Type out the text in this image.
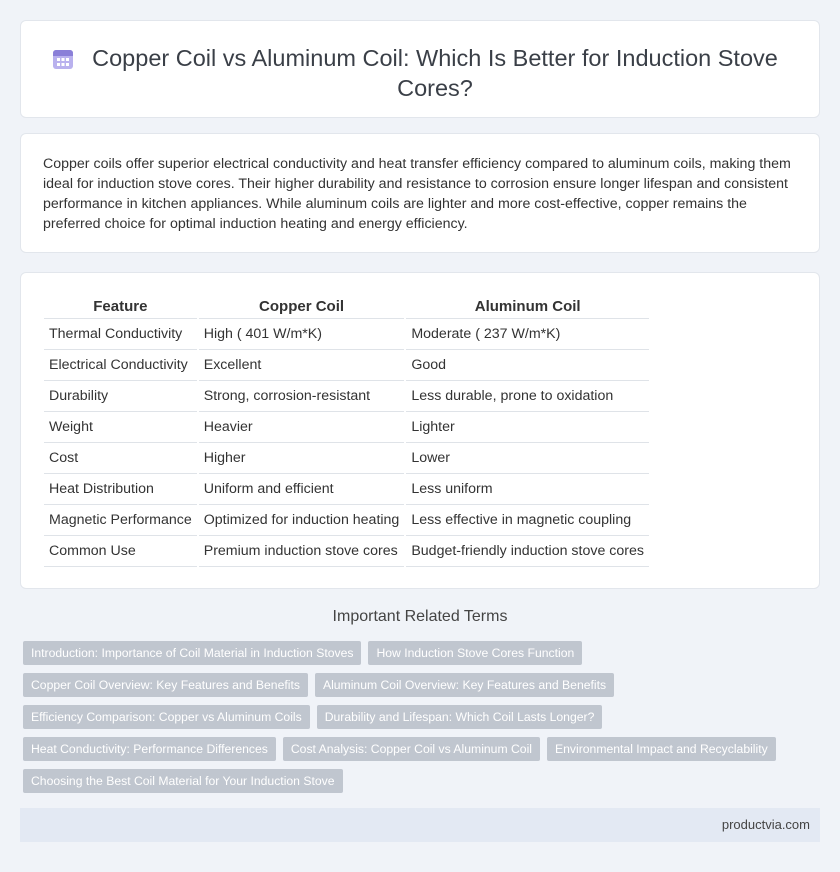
Copper Coil vs Aluminum Coil: Which Is Better for Induction Stove Cores?

Copper coils offer superior electrical conductivity and heat transfer efficiency compared to aluminum coils, making them ideal for induction stove cores. Their higher durability and resistance to corrosion ensure longer lifespan and consistent performance in kitchen appliances. While aluminum coils are lighter and more cost-effective, copper remains the preferred choice for optimal induction heating and energy efficiency.

Feature	Copper Coil	Aluminum Coil
Thermal Conductivity	High ( 401 W/m*K)	Moderate ( 237 W/m*K)
Electrical Conductivity	Excellent	Good
Durability	Strong, corrosion-resistant	Less durable, prone to oxidation
Weight	Heavier	Lighter
Cost	Higher	Lower
Heat Distribution	Uniform and efficient	Less uniform
Magnetic Performance	Optimized for induction heating	Less effective in magnetic coupling
Common Use	Premium induction stove cores	Budget-friendly induction stove cores
Important Related Terms
Introduction: Importance of Coil Material in Induction Stoves	How Induction Stove Cores Function
Copper Coil Overview: Key Features and Benefits	Aluminum Coil Overview: Key Features and Benefits
Efficiency Comparison: Copper vs Aluminum Coils	Durability and Lifespan: Which Coil Lasts Longer?
Heat Conductivity: Performance Differences	Cost Analysis: Copper Coil vs Aluminum Coil	Environmental Impact and Recyclability
Choosing the Best Coil Material for Your Induction Stove
productvia.com
